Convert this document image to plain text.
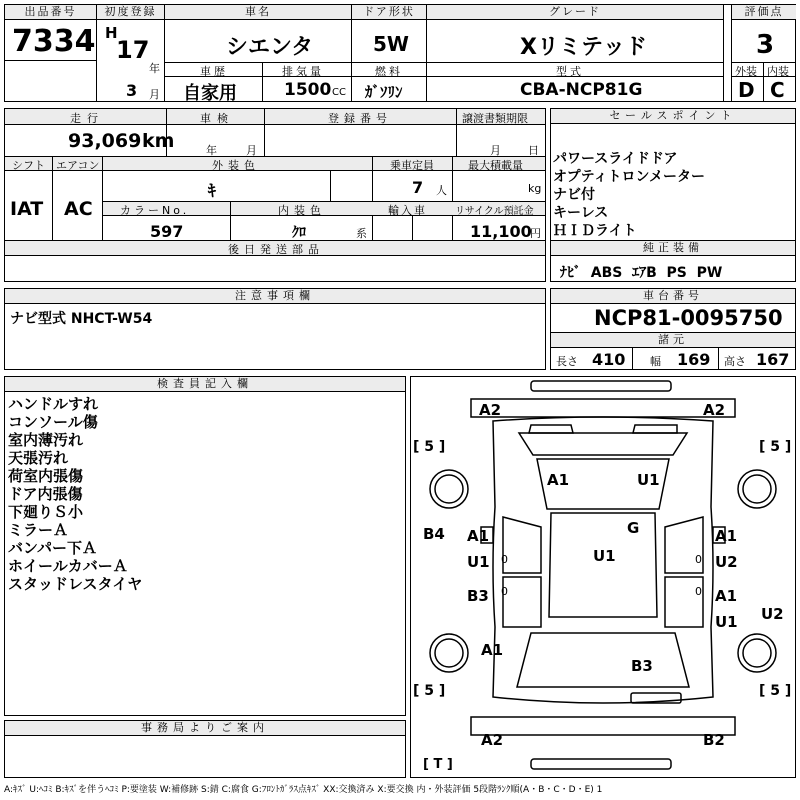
出品番号
7334
初度登録
H
17
年
3 月
車名
シエンタ
ドア形状
5W
グレード
Xリミテッド
評価点
3
車歴
自家用
排気量
1500 CC
燃料
ｶﾞｿﾘﾝ
型式
CBA-NCP81G
外装 内装
D C
走行	車検	登録番号	譲渡書類期限
93,069 km	年	月	月 日
シフト エアコン	外装色	乗車定員	最大積載量
IAT AC
ｷ	7 人	kg
カラーNo.	内装色	輸入車	リサイクル預託金
597	ｸﾛ	系	11,100
円
後日発送部品
セールスポイント
パワースライドドア
オプティトロンメーター
ナビ付
キーレス
ＨＩＤライト
純正装備
ﾅﾋﾞ  ABS  ｴｱB  PS  PW
注意事項欄
ナビ型式 NHCT-W54
車台番号
NCP81-0095750
諸元
長さ 410 幅 169 高さ 167
検査員記入欄
ハンドルすれ
コンソール傷
室内薄汚れ
天張汚れ
荷室内張傷
ドア内張傷
下廻りＳ小
ミラーＡ
バンパー下Ａ
ホイールカバーＡ
スタッドレスタイヤ
事務局よりご案内
[ 5 ]	[ 5 ]
[ 5 ]	[ 5 ]
[ T ]
A2	A2
A1	U1
B4 A1
U1
G
U1
A1
U2
B3	A1
U1 U2
A1
B3
A2	B2
0
0
0
0
A:ｷｽﾞ U:ﾍｺﾐ B:ｷｽﾞを伴うﾍｺﾐ P:要塗装 W:補修跡 S:錆 C:腐食 G:ﾌﾛﾝﾄｶﾞﾗｽ点ｷｽﾞ XX:交換済み X:要交換 内・外装評価 5段階ﾗﾝｸ順(A・B・C・D・E) 1
